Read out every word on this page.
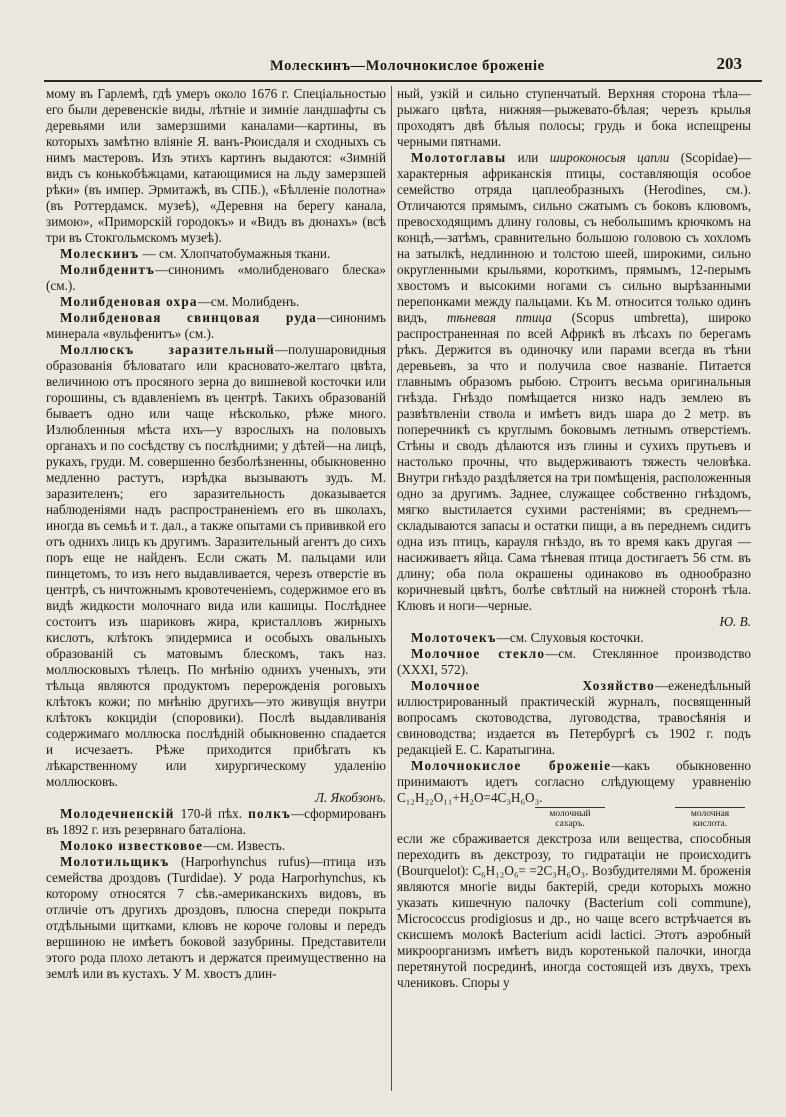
Молескинъ—Молочнокислое броженіе	203

мому въ Гарлемѣ, гдѣ умеръ около 1676 г. Спеціальностью его были деревенскіе виды, лѣтніе и зимніе ландшафты съ деревьями или замерзшими каналами—картины, въ которыхъ замѣтно вліяніе Я. ванъ-Рюисдаля и сходныхъ съ нимъ мастеровъ. Изъ этихъ картинъ выдаются: «Зимній видъ съ конькобѣжцами, катающимися на льду замерзшей рѣки» (въ импер. Эрмитажѣ, въ СПБ.), «Бѣлленіе полотна» (въ Роттердамск. музеѣ), «Деревня на берегу канала, зимою», «Приморскій городокъ» и «Видъ въ дюнахъ» (всѣ три въ Стокгольмскомъ музеѣ).

Молескинъ — см. Хлопчатобумажныя ткани.

Молибденитъ—синонимъ «молибденоваго блеска» (см.).

Молибденовая охра—см. Молибденъ.

Молибденовая свинцовая руда—синонимъ минерала «вульфенитъ» (см.).

Моллюскъ заразительный—полушаровидныя образованія бѣловатаго или красновато-желтаго цвѣта, величиною отъ просяного зерна до вишневой косточки или горошины, съ вдавленіемъ въ центрѣ. Такихъ образованій бываетъ одно или чаще нѣсколько, рѣже много. Излюбленныя мѣста ихъ—у взрослыхъ на половыхъ органахъ и по сосѣдству съ послѣдними; у дѣтей—на лицѣ, рукахъ, груди. М. совершенно безболѣзненны, обыкновенно медленно растутъ, изрѣдка вызываютъ зудъ. М. заразителенъ; его заразительность доказывается наблюденіями надъ распространеніемъ его въ школахъ, иногда въ семьѣ и т. дал., а также опытами съ прививкой его отъ однихъ лицъ къ другимъ. Заразительный агентъ до сихъ поръ еще не найденъ. Если сжать М. пальцами или пинцетомъ, то изъ него выдавливается, черезъ отверстіе въ центрѣ, съ ничтожнымъ кровотеченіемъ, содержимое его въ видѣ жидкости молочнаго вида или кашицы. Послѣднее состоитъ изъ шариковъ жира, кристалловъ жирныхъ кислотъ, клѣтокъ эпидермиса и особыхъ овальныхъ образованій съ матовымъ блескомъ, такъ наз. моллюсковыхъ тѣлецъ. По мнѣнію однихъ ученыхъ, эти тѣльца являются продуктомъ перерожденія роговыхъ клѣтокъ кожи; по мнѣнію другихъ—это живущія внутри клѣтокъ кокцидіи (споровики). Послѣ выдавливанія содержимаго моллюска послѣдній обыкновенно спадается и исчезаетъ. Рѣже приходится прибѣгать къ лѣкарственному или хирургическому удаленію моллюсковъ.
Л. Якобзонъ.

Молодечненскій 170-й пѣх. полкъ—сформированъ въ 1892 г. изъ резервнаго баталіона.

Молоко известковое—см. Известь.

Молотильщикъ (Harporhynchus rufus)—птица изъ семейства дроздовъ (Turdidae). У рода Harporhynchus, къ которому относятся 7 сѣв.-американскихъ видовъ, въ отличіе отъ другихъ дроздовъ, плюсна спереди покрыта отдѣльными щитками, клювъ не короче головы и передъ вершиною не имѣетъ боковой зазубрины. Представители этого рода плохо летаютъ и держатся преимущественно на землѣ или въ кустахъ. У М. хвостъ длин-

ный, узкій и сильно ступенчатый. Верхняя сторона тѣла—рыжаго цвѣта, нижняя—рыжевато-бѣлая; черезъ крылья проходятъ двѣ бѣлыя полосы; грудь и бока испещрены черными пятнами.

Молотоглавы или широконосыя цапли (Scopidae)—характерныя африканскія птицы, составляющія особое семейство отряда цаплеобразныхъ (Herodines, см.). Отличаются прямымъ, сильно сжатымъ съ боковъ клювомъ, превосходящимъ длину головы, съ небольшимъ крючкомъ на концѣ,—затѣмъ, сравнительно большою головою съ хохломъ на затылкѣ, недлинною и толстою шеей, широкими, сильно округленными крыльями, короткимъ, прямымъ, 12-перымъ хвостомъ и высокими ногами съ сильно вырѣзанными перепонками между пальцами. Къ М. относится только одинъ видъ, тѣневая птица (Scopus umbretta), широко распространенная по всей Африкѣ въ лѣсахъ по берегамъ рѣкъ. Держится въ одиночку или парами всегда въ тѣни деревьевъ, за что и получила свое названіе. Питается главнымъ образомъ рыбою. Строитъ весьма оригинальныя гнѣзда. Гнѣздо помѣщается низко надъ землею въ развѣтвленіи ствола и имѣетъ видъ шара до 2 метр. въ поперечникѣ съ круглымъ боковымъ летнымъ отверстіемъ. Стѣны и сводъ дѣлаются изъ глины и сухихъ прутьевъ и настолько прочны, что выдерживаютъ тяжесть человѣка. Внутри гнѣздо раздѣляется на три помѣщенія, расположенныя одно за другимъ. Заднее, служащее собственно гнѣздомъ, мягко выстилается сухими растеніями; въ среднемъ—складываются запасы и остатки пищи, а въ переднемъ сидитъ одна изъ птицъ, карауля гнѣздо, въ то время какъ другая — насиживаетъ яйца. Сама тѣневая птица достигаетъ 56 стм. въ длину; оба пола окрашены одинаково въ однообразно коричневый цвѣтъ, болѣе свѣтлый на нижней сторонѣ тѣла. Клювъ и ноги—черные.
Ю. В.

Молоточекъ—см. Слуховыя косточки.

Молочное стекло—см. Стеклянное производство (XXXI, 572).

Молочное Хозяйство—еженедѣльный иллюстрированный практическій журналъ, посвященный вопросамъ скотоводства, луговодства, травосѣянія и свиноводства; издается въ Петербургѣ съ 1902 г. подъ редакціей Е. С. Каратыгина.

Молочнокислое броженіе—какъ обыкновенно принимаютъ идетъ согласно слѣдующему уравненію C₁₂H₂₂O₁₁+H₂O=4C₃H₆O₃.

молочный сахаръ.
молочная кислота.

если же сбраживается декстроза или вещества, способныя переходить въ декстрозу, то гидратаціи не происходитъ (Bourquelot): C₆H₁₂O₆= =2C₃H₆O₃. Возбудителями М. броженія являются многіе виды бактерій, среди которыхъ можно указать кишечную палочку (Bacterium coli commune), Micrococcus prodigiosus и др., но чаще всего встрѣчается въ скисшемъ молокѣ Bacterium acidi lactici. Этотъ аэробный микроорганизмъ имѣетъ видъ коротенькой палочки, иногда перетянутой посрединѣ, иногда состоящей изъ двухъ, трехъ члениковъ. Споры у
